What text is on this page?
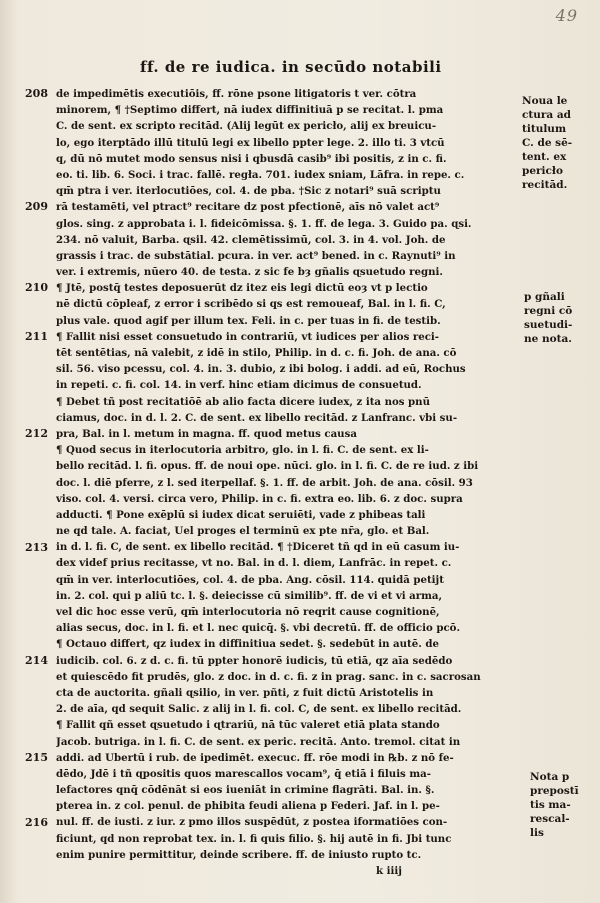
49
ff. de re iudica. in secūdo notabili
de impedimētis executiōis, ff. rōne psone litigatoris t ver. cōtra
minorem, ¶ †Septimo differt, nā iudex diffinitiuā p se recitat. l. pma
C. de sent. ex scripto recitād. (Alij legūt ex pericło, alij ex breuicu-
lo, ego iterptādo illū titulū legi ex libello ppter lege. 2. illo ti. 3 vtcū
q, dū nō mutet modo sensus nisi i qbusdā casib⁹ ibi positis, z in c. fi.
eo. ti. lib. 6. Soci. i trac. fallē. regła. 701. iudex sniam, Lāfra. in repe. c.
qm̄ ptra i ver. iterlocutiōes, col. 4. de pba. †Sic z notari⁹ suā scriptu
rā testamēti, vel ptract⁹ recitare dz post pfectionē, aīs nō valet act⁹
glos. sing. z approbata i. l. fideicōmissa. §. 1. ff. de lega. 3. Guido pa. ɋsi.
234. nō valuit, Barba. ɋsil. 42. clemētissimū, col. 3. in 4. vol. Joh. de
grassis i trac. de substātial. pcura. in ver. act⁹ bened. in c. Raynuti⁹ in
ver. i extremis, nūero 40. de testa. z sic fe bȝ gñalis ɋsuetudo regni.
¶ Jtē, postq̄ testes deposuerūt dz itez eis legi dictū eoȝ vt p lectio
nē dictū cōpleaf, z error i scribēdo si qs est remoueaf, Bal. in l. fi. C,
plus vale. quod agif per illum tex. Feli. in c. per tuas in fi. de testib.
¶ Fallit nisi esset consuetudo in contrariū, vt iudices per alios reci-
tēt sentētias, nā valebit, z idē in stilo, Philip. in d. c. fi. Joh. de ana. cō
sil. 56. viso pcessu, col. 4. in. 3. dubio, z ibi bolog. i addi. ad eū, Rochus
in repeti. c. fi. col. 14. in verf. hinc etiam dicimus de consuetud.
¶ Debet tñ post recitatiōē ab alio facta dicere iudex, z ita nos pnū
ciamus, doc. in d. l. 2. C. de sent. ex libello recitād. z Lanfranc. vbi su-
pra, Bal. in l. metum in magna. ff. quod metus causa
¶ Quod secus in iterlocutoria arbitro, glo. in l. fi. C. de sent. ex li-
bello recitād. l. fi. opus. ff. de noui ope. nūci. glo. in l. fi. C. de re iud. z ibi
doc. l. diē pferre, z l. sed iterpellaf. §. 1. ff. de arbit. Joh. de ana. cōsil. 93
viso. col. 4. versi. circa vero, Philip. in c. fi. extra eo. lib. 6. z doc. supra
adducti. ¶ Pone exēplū si iudex dicat seruiēti, vade z phibeas tali
ne qd tale. A. faciat, Uel proges el terminū ex pte nr̄a, glo. et Bal.
in d. l. fi. C, de sent. ex libello recitād. ¶ †Diceret tñ qd in eū casum iu-
dex videf prius recitasse, vt no. Bal. in d. l. diem, Lanfrāc. in repet. c.
qm̄ in ver. interlocutiōes, col. 4. de pba. Ang. cōsil. 114. quidā petijt
in. 2. col. qui p aliū tc. l. §. deiecisse cū similib⁹. ff. de vi et vi arma,
vel dic hoc esse verū, qm̄ interlocutoria nō reqrit cause cognitionē,
alias secus, doc. in l. fi. et l. nec quicq̄. §. vbi decretū. ff. de officio pcō.
¶ Octauo differt, qz iudex in diffinitiua sedet. §. sedebūt in autē. de
iudicib. col. 6. z d. c. fi. tū ppter honorē iudicis, tū etiā, qz aīa sedēdo
et quiescēdo fit prudēs, glo. z doc. in d. c. fi. z in prag. sanc. in c. sacrosan
cta de auctorita. gñali ɋsilio, in ver. pñti, z fuit dictū Aristotelis in
2. de aīa, qd sequit Salic. z alij in l. fi. col. C, de sent. ex libello recitād.
¶ Fallit qñ esset ɋsuetudo i ɋtrariū, nā tūc valeret etiā plata stando
Jacob. butriga. in l. fi. C. de sent. ex peric. recitā. Anto. tremol. citat in
addi. ad Ubertū i rub. de ipedimēt. execuc. ff. rōe modi in ℞b. z nō fe-
dēdo, Jdē i tñ ɋpositis quos marescallos vocam⁹, q̄ etiā i filuis ma-
lefactores qnq̄ cōdēnāt si eos iueniāt in crimine flagrāti. Bal. in. §.
pterea in. z col. penul. de phibita feudi aliena p Federi. Jaf. in l. pe-
nul. ff. de iusti. z iur. z pmo illos suspēdūt, z postea iformatiōes con-
ficiunt, qd non reprobat tex. in. l. fi quis filio. §. hij autē in fi. Jbi tunc
enim punire permittitur, deinde scribere. ff. de iniusto rupto tc.
k iiij
208
209
210
211
212
213
214
215
216
Noua le
ctura ad
titulum
C. de sē-
tent. ex
pericło
recitād.
p gñali
regni cō
suetudi-
ne nota.
Nota p
prepostī
tis ma-
rescal-
lis
